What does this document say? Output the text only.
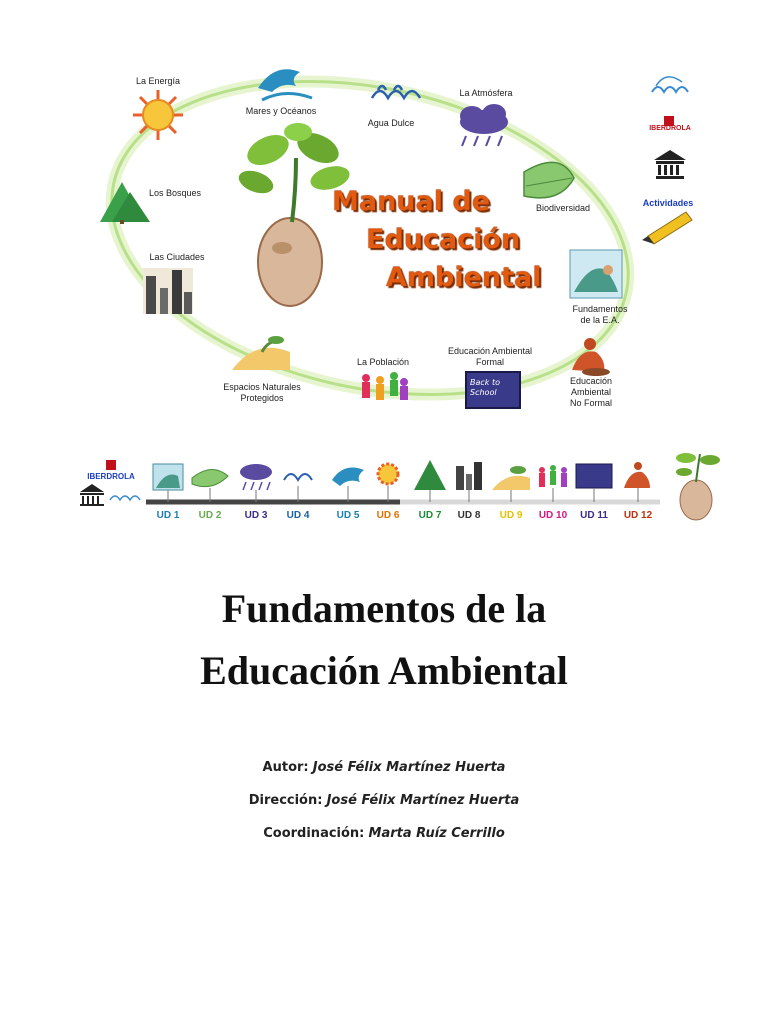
Manual de
Educación
Ambiental
La Energía
Mares y Océanos
Agua Dulce
La Atmósfera
Los Bosques
Biodiversidad
Las Ciudades
Fundamentos
de la E.A.
Espacios Naturales
Protegidos
La Población
Educación Ambiental
Formal
Educación
Ambiental
No Formal
Back to School
IBERDROLA
Actividades
IBERDROLA
UD 1	UD 2	UD 3	UD 4	UD 5	UD 6	UD 7	UD 8	UD 9	UD 10	UD 11	UD 12
Fundamentos de la
Educación Ambiental
Autor: José Félix Martínez Huerta
Dirección: José Félix Martínez Huerta
Coordinación: Marta Ruíz Cerrillo
